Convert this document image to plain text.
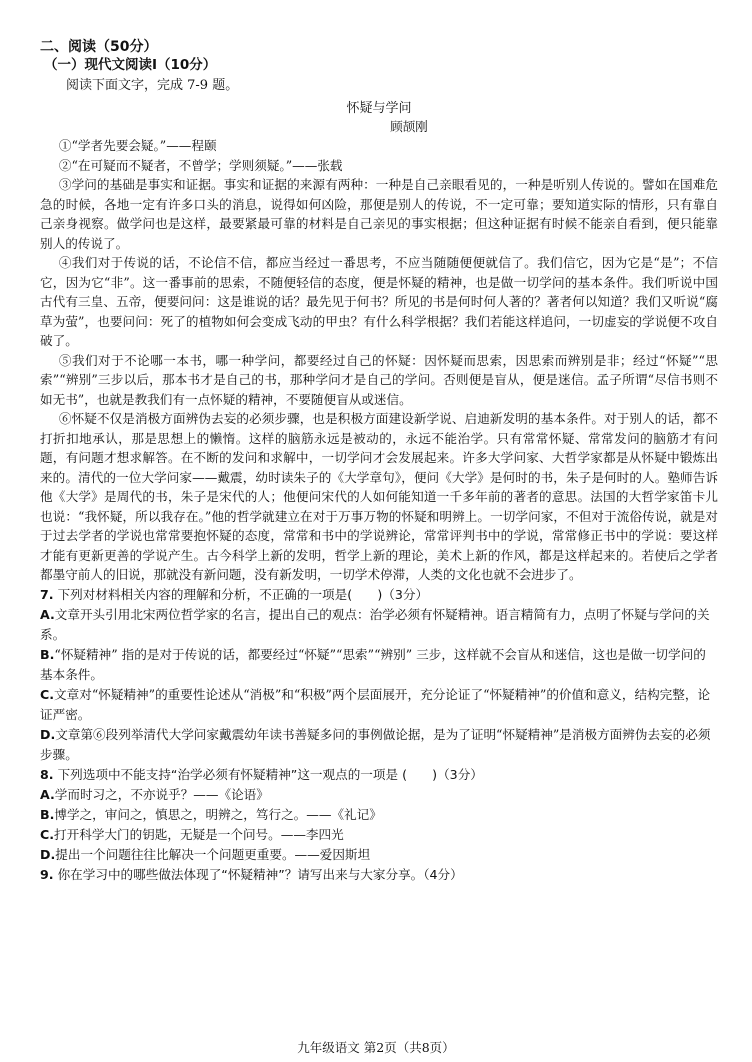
二、阅读（50分）
（一）现代文阅读Ⅰ（10分）

阅读下面文字，完成 7-9 题。

怀疑与学问
顾颉刚

①“学者先要会疑。”——程颐

②“在可疑而不疑者，不曾学；学则须疑。”——张载

③学问的基础是事实和证据。事实和证据的来源有两种：一种是自己亲眼看见的，一种是听别人传说的。譬如在国难危急的时候，各地一定有许多口头的消息，说得如何凶险，那便是别人的传说，不一定可靠；要知道实际的情形，只有靠自己亲身视察。做学问也是这样，最要紧最可靠的材料是自己亲见的事实根据；但这种证据有时候不能亲自看到，便只能靠别人的传说了。

④我们对于传说的话，不论信不信，都应当经过一番思考，不应当随随便便就信了。我们信它，因为它是“是”；不信它，因为它“非”。这一番事前的思索，不随便轻信的态度，便是怀疑的精神，也是做一切学问的基本条件。我们听说中国古代有三皇、五帝，便要问问：这是谁说的话？最先见于何书？所见的书是何时何人著的？著者何以知道？我们又听说“腐草为萤”，也要问问：死了的植物如何会变成飞动的甲虫？有什么科学根据？我们若能这样追问，一切虚妄的学说便不攻自破了。

⑤我们对于不论哪一本书，哪一种学问，都要经过自己的怀疑：因怀疑而思索，因思索而辨别是非；经过“怀疑”“思索”“辨别”三步以后，那本书才是自己的书，那种学问才是自己的学问。否则便是盲从，便是迷信。孟子所谓“尽信书则不如无书”，也就是教我们有一点怀疑的精神，不要随便盲从或迷信。

⑥怀疑不仅是消极方面辨伪去妄的必须步骤，也是积极方面建设新学说、启迪新发明的基本条件。对于别人的话，都不打折扣地承认，那是思想上的懒惰。这样的脑筋永远是被动的，永远不能治学。只有常常怀疑、常常发问的脑筋才有问题，有问题才想求解答。在不断的发问和求解中，一切学问才会发展起来。许多大学问家、大哲学家都是从怀疑中锻炼出来的。清代的一位大学问家——戴震，幼时读朱子的《大学章句》，便问《大学》是何时的书，朱子是何时的人。塾师告诉他《大学》是周代的书，朱子是宋代的人；他便问宋代的人如何能知道一千多年前的著者的意思。法国的大哲学家笛卡儿也说：“我怀疑，所以我存在。”他的哲学就建立在对于万事万物的怀疑和明辨上。一切学问家，不但对于流俗传说，就是对于过去学者的学说也常常要抱怀疑的态度，常常和书中的学说辨论，常常评判书中的学说，常常修正书中的学说：要这样才能有更新更善的学说产生。古今科学上新的发明，哲学上新的理论，美术上新的作风，都是这样起来的。若使后之学者都墨守前人的旧说，那就没有新问题，没有新发明，一切学术停滞，人类的文化也就不会进步了。

7. 下列对材料相关内容的理解和分析，不正确的一项是(　　)（3分）

A.文章开头引用北宋两位哲学家的名言，提出自己的观点：治学必须有怀疑精神。语言精简有力，点明了怀疑与学问的关系。

B.“怀疑精神” 指的是对于传说的话，都要经过“怀疑”“思索”“辨别” 三步，这样就不会盲从和迷信，这也是做一切学问的基本条件。

C.文章对“怀疑精神”的重要性论述从“消极”和“积极”两个层面展开，充分论证了“怀疑精神”的价值和意义，结构完整，论证严密。

D.文章第⑥段列举清代大学问家戴震幼年读书善疑多问的事例做论据，是为了证明“怀疑精神”是消极方面辨伪去妄的必须步骤。

8. 下列选项中不能支持“治学必须有怀疑精神”这一观点的一项是 (　　)（3分）

A.学而时习之，不亦说乎？——《论语》

B.博学之，审问之，慎思之，明辨之，笃行之。——《礼记》

C.打开科学大门的钥匙，无疑是一个问号。——李四光

D.提出一个问题往往比解决一个问题更重要。——爱因斯坦

9. 你在学习中的哪些做法体现了“怀疑精神”？请写出来与大家分享。（4分）

九年级语文 第2页（共8页）
